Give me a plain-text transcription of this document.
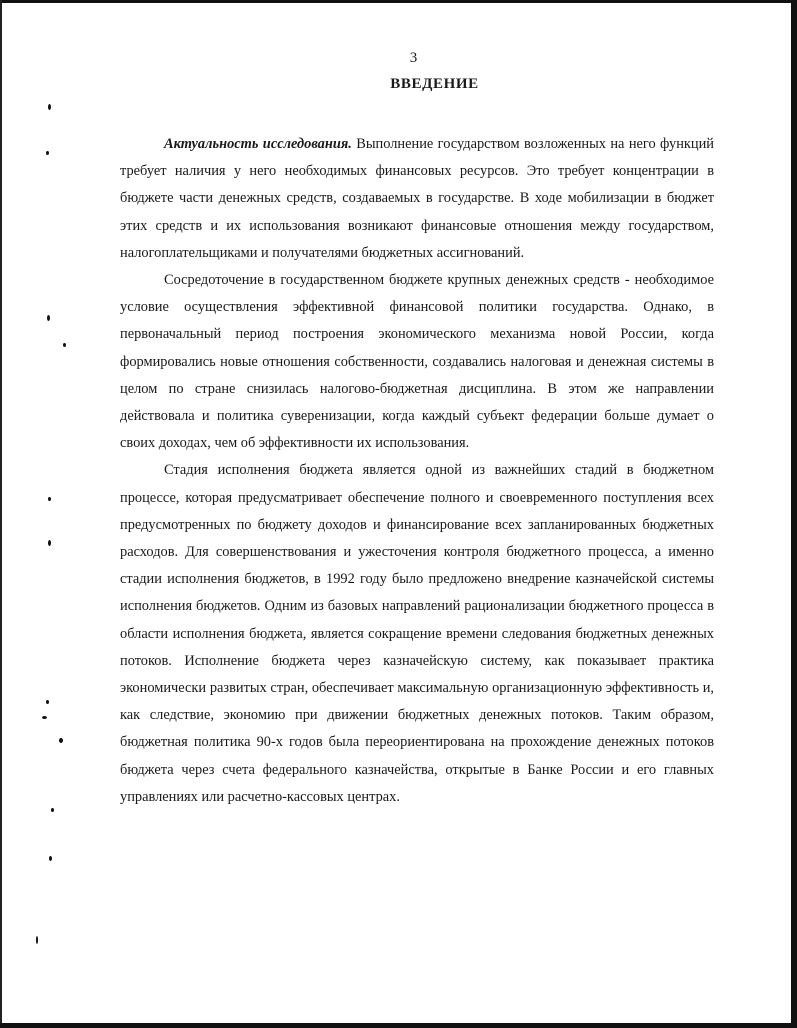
3
ВВЕДЕНИЕ

Актуальность исследования. Выполнение государством возложенных на него функций требует наличия у него необходимых финансовых ресурсов. Это требует концентрации в бюджете части денежных средств, создаваемых в государстве. В ходе мобилизации в бюджет этих средств и их использования возникают финансовые отношения между государством, налогоплательщиками и получателями бюджетных ассигнований.

Сосредоточение в государственном бюджете крупных денежных средств - необходимое условие осуществления эффективной финансовой политики государства. Однако, в первоначальный период построения экономического механизма новой России, когда формировались новые отношения собственности, создавались налоговая и денежная системы в целом по стране снизилась налогово-бюджетная дисциплина. В этом же направлении действовала и политика суверенизации, когда каждый субъект федерации больше думает о своих доходах, чем об эффективности их использования.

Стадия исполнения бюджета является одной из важнейших стадий в бюджетном процессе, которая предусматривает обеспечение полного и своевременного поступления всех предусмотренных по бюджету доходов и финансирование всех запланированных бюджетных расходов. Для совершенствования и ужесточения контроля бюджетного процесса, а именно стадии исполнения бюджетов, в 1992 году было предложено внедрение казначейской системы исполнения бюджетов. Одним из базовых направлений рационализации бюджетного процесса в области исполнения бюджета, является сокращение времени следования бюджетных денежных потоков. Исполнение бюджета через казначейскую систему, как показывает практика экономически развитых стран, обеспечивает максимальную организационную эффективность и, как следствие, экономию при движении бюджетных денежных потоков. Таким образом, бюджетная политика 90-х годов была переориентирована на прохождение денежных потоков бюджета через счета федерального казначейства, открытые в Банке России и его главных управлениях или расчетно-кассовых центрах.
